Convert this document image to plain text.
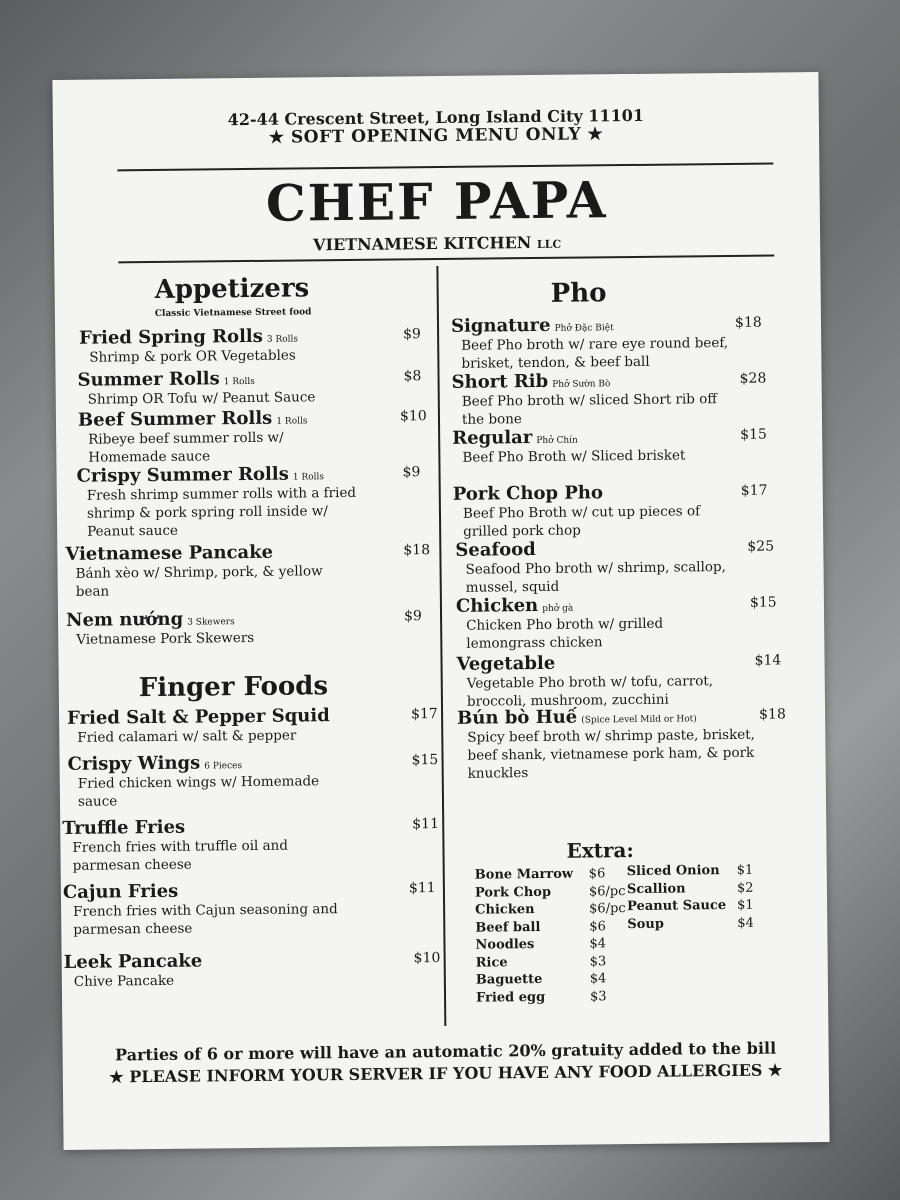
42-44 Crescent Street, Long Island City 11101
★ SOFT OPENING MENU ONLY ★
CHEF PAPA
VIETNAMESE KITCHEN LLC
Appetizers
Classic Vietnamese Street food
Fried Spring Rolls 3 Rolls
Shrimp & pork OR Vegetables
$9
Summer Rolls 1 Rolls
Shrimp OR Tofu w/ Peanut Sauce
$8
Beef Summer Rolls 1 Rolls
Ribeye beef summer rolls w/ Homemade sauce
$10
Crispy Summer Rolls 1 Rolls
Fresh shrimp summer rolls with a fried shrimp & pork spring roll inside w/ Peanut sauce
$9
Vietnamese Pancake
Bánh xèo w/ Shrimp, pork, & yellow bean
$18
Nem nướng 3 Skewers
Vietnamese Pork Skewers
$9
Finger Foods
Fried Salt & Pepper Squid
Fried calamari w/ salt & pepper
$17
Crispy Wings 6 Pieces
Fried chicken wings w/ Homemade sauce
$15
Truffle Fries
French fries with truffle oil and parmesan cheese
$11
Cajun Fries
French fries with Cajun seasoning and parmesan cheese
$11
Leek Pancake
Chive Pancake
$10
Pho
Signature Phở Đặc Biệt
Beef Pho broth w/ rare eye round beef, brisket, tendon, & beef ball
$18
Short Rib Phở Sườn Bò
Beef Pho broth w/ sliced Short rib off the bone
$28
Regular Phở Chín
Beef Pho Broth w/ Sliced brisket
$15
Pork Chop Pho
Beef Pho Broth w/ cut up pieces of grilled pork chop
$17
Seafood
Seafood Pho broth w/ shrimp, scallop, mussel, squid
$25
Chicken phở gà
Chicken Pho broth w/ grilled lemongrass chicken
$15
Vegetable
Vegetable Pho broth w/ tofu, carrot, broccoli, mushroom, zucchini
$14
Bún bò Huế (Spice Level Mild or Hot)
Spicy beef broth w/ shrimp paste, brisket, beef shank, vietnamese pork ham, & pork knuckles
$18
Extra:
Bone Marrow $6
Pork Chop	$6/pc
Chicken	$6/pc
Beef ball	$6
Noodles	$4
Rice	$3
Baguette	$4
Fried egg	$3
Sliced Onion $1
Scallion	$2
Peanut Sauce $1
Soup	$4
Parties of 6 or more will have an automatic 20% gratuity added to the bill
★ PLEASE INFORM YOUR SERVER IF YOU HAVE ANY FOOD ALLERGIES ★
